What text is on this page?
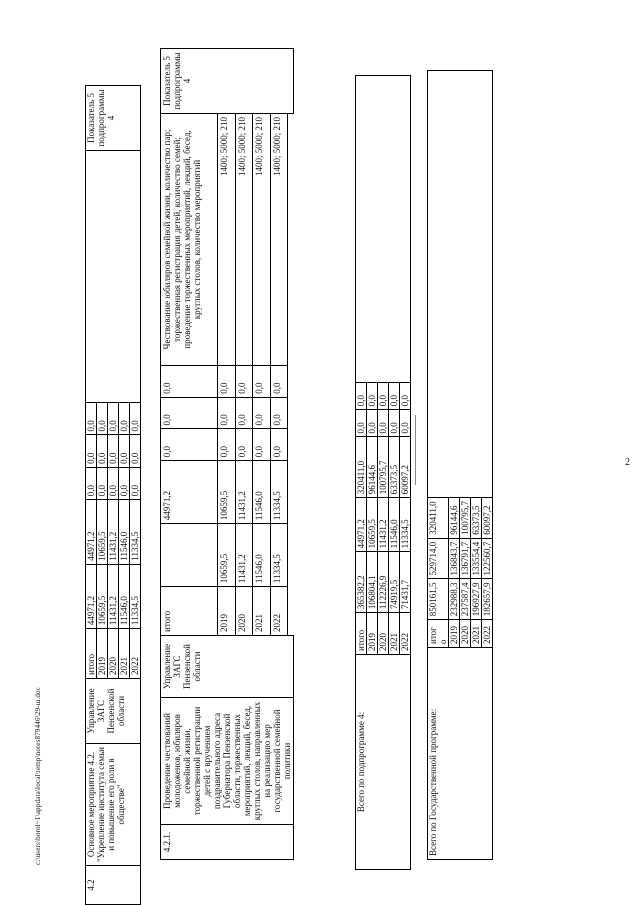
2
c:\users\borol~1\appdata\local\temp\notes879446\29-ш.doc
4.2	Основное мероприятие 4.2. "Укрепление института семьи и повышение его роли в обществе"	Управление ЗАГС Пензенской области	итого	44971,2	44971,2	0,0	0,0	0,0		Показатель 5 подпрограммы 4
			2019	10659,5	10659,5	0,0	0,0	0,0		
			2020	11431,2	11431,2	0,0	0,0	0,0		
			2021	11546,0	11546,0	0,0	0,0	0,0		
			2022	11334,5	11334,5	0,0	0,0	0,0		
4.2.1.	Проведение чествований молодоженов, юбиляров семейной жизни, торжественной регистрации детей с вручением поздравительного адреса Губернатора Пензенской области, торжественных мероприятий, лекций, бесед, круглых столов, направленных на реализацию мер государственной семейной политики	Управление ЗАГС Пензенской области	итого		44971,2	0,0	0,0	0,0	Чествование юбиляров семейной жизни, количество пар; торжественная регистрация детей, количество семей; проведение торжественных мероприятий, лекций, бесед, круглых столов, количество мероприятий	Показатель 5 подпрограммы 4
			2019	10659,5	10659,5	0,0	0,0	0,0	1400; 5000; 210	
			2020	11431,2	11431,2	0,0	0,0	0,0	1400; 5000; 210	
			2021	11546,0	11546,0	0,0	0,0	0,0	1400; 5000; 210	
			2022	11334,5	11334,5	0,0	0,0	0,0	1400; 5000; 210	

Всего по подпрограмме 4:	итого	365382,2	44971,2	320411,0	0,0	0,0	
	2019	106804,1	10659,5	96144,6	0,0	0,0	
	2020	112226,9	11431,2	100795,7	0,0	0,0	
	2021	74919,5	11546,0	63373,5	0,0	0,0	
	2022	71431,7	11334,5	60097,2	0,0	0,0	
Всего по Государственной программе:	итог о	850161,5	529714,0	320411,0	
	2019	232988,3	136843,7	96144,6	
	2020	237587,4	136791,7	100795,7	
	2021	196927,9	133554,4	63373,5	
	2022	182657,9	122560,7	60097,2	
